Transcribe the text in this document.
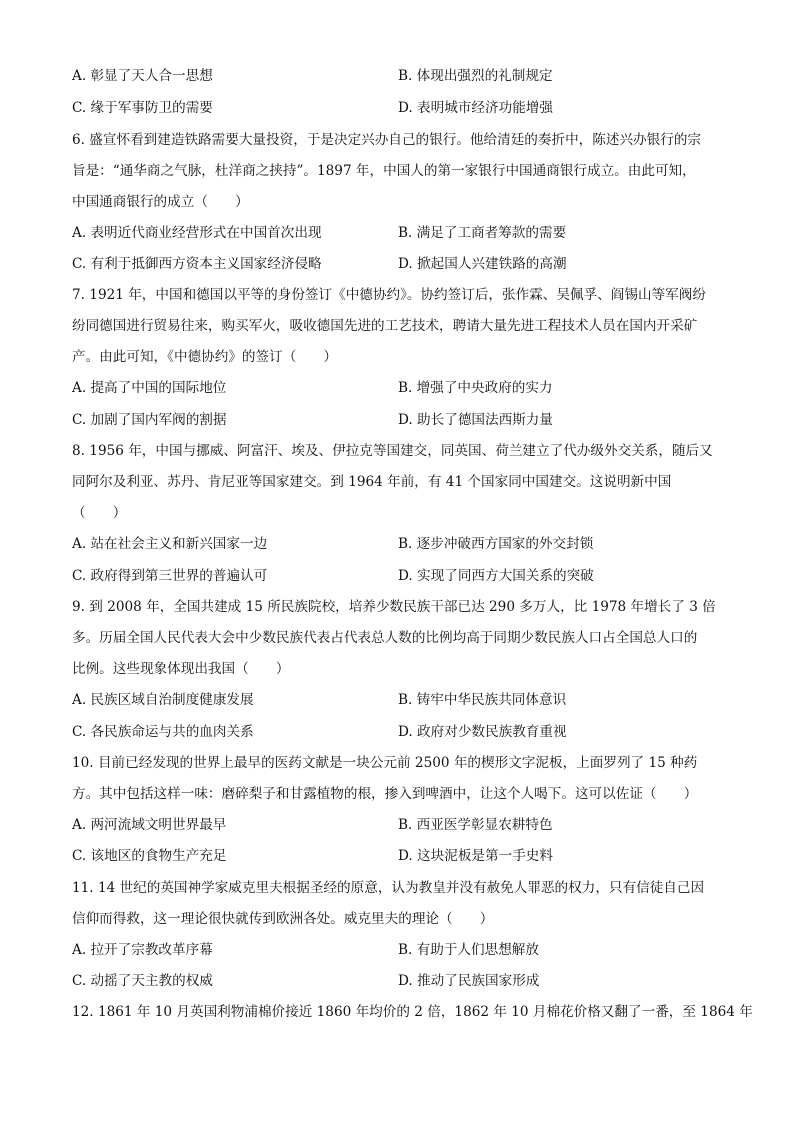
A. 彰显了天人合一思想	B. 体现出强烈的礼制规定
C. 缘于军事防卫的需要	D. 表明城市经济功能增强
6. 盛宣怀看到建造铁路需要大量投资，于是决定兴办自己的银行。他给清廷的奏折中，陈述兴办银行的宗
旨是：“通华商之气脉，杜洋商之挟持”。1897 年，中国人的第一家银行中国通商银行成立。由此可知，
中国通商银行的成立（　　）
A. 表明近代商业经营形式在中国首次出现	B. 满足了工商者筹款的需要
C. 有利于抵御西方资本主义国家经济侵略	D. 掀起国人兴建铁路的高潮
7. 1921 年，中国和德国以平等的身份签订《中德协约》。协约签订后，张作霖、吴佩孚、阎锡山等军阀纷
纷同德国进行贸易往来，购买军火，吸收德国先进的工艺技术，聘请大量先进工程技术人员在国内开采矿
产。由此可知，《中德协约》的签订（　　）
A. 提高了中国的国际地位	B. 增强了中央政府的实力
C. 加剧了国内军阀的割据	D. 助长了德国法西斯力量
8. 1956 年，中国与挪威、阿富汗、埃及、伊拉克等国建交，同英国、荷兰建立了代办级外交关系，随后又
同阿尔及利亚、苏丹、肯尼亚等国家建交。到 1964 年前，有 41 个国家同中国建交。这说明新中国
（　　）
A. 站在社会主义和新兴国家一边	B. 逐步冲破西方国家的外交封锁
C. 政府得到第三世界的普遍认可	D. 实现了同西方大国关系的突破
9. 到 2008 年，全国共建成 15 所民族院校，培养少数民族干部已达 290 多万人，比 1978 年增长了 3 倍
多。历届全国人民代表大会中少数民族代表占代表总人数的比例均高于同期少数民族人口占全国总人口的
比例。这些现象体现出我国（　　）
A. 民族区域自治制度健康发展	B. 铸牢中华民族共同体意识
C. 各民族命运与共的血肉关系	D. 政府对少数民族教育重视
10. 目前已经发现的世界上最早的医药文献是一块公元前 2500 年的楔形文字泥板，上面罗列了 15 种药
方。其中包括这样一味：磨碎梨子和甘露植物的根，掺入到啤酒中，让这个人喝下。这可以佐证（　　）
A. 两河流域文明世界最早	B. 西亚医学彰显农耕特色
C. 该地区的食物生产充足	D. 这块泥板是第一手史料
11. 14 世纪的英国神学家威克里夫根据圣经的原意，认为教皇并没有赦免人罪恶的权力，只有信徒自己因
信仰而得救，这一理论很快就传到欧洲各处。威克里夫的理论（　　）
A. 拉开了宗教改革序幕	B. 有助于人们思想解放
C. 动摇了天主教的权威	D. 推动了民族国家形成
12. 1861 年 10 月英国利物浦棉价接近 1860 年均价的 2 倍，1862 年 10 月棉花价格又翻了一番，至 1864 年
